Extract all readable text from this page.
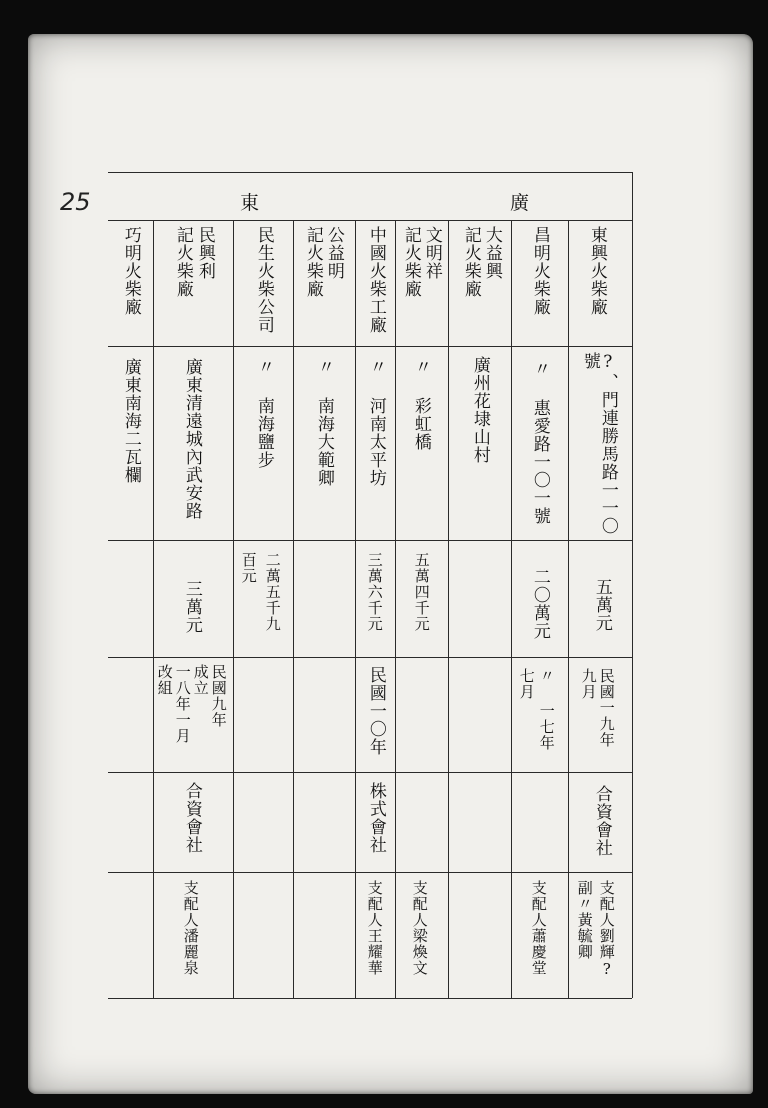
25	廣
東
東興火柴廠
?、門連勝馬路一一〇
號
五萬元
民國一九年
九月
合資會社
支配人劉輝?
副〃黃毓卿
昌明火柴廠
〃 惠愛路一〇一號
二〇萬元
〃 一七年
七月
支配人蕭慶堂
大益興
記火柴廠
廣州花埭山村
文明祥
記火柴廠
〃 彩虹橋
五萬四千元
支配人梁煥文
中國火柴工廠
〃 河南太平坊
三萬六千元
民國一〇年
株式會社
支配人王耀華
公益明
記火柴廠
〃 南海大範卿
民生火柴公司
〃 南海鹽步
二萬五千九
百元
民興利
記火柴廠
廣東清遠城內武安路
三萬元
民國九年
成立
一八年一月
改組
合資會社
支配人潘麗泉
巧明火柴廠
廣東南海二瓦欄
